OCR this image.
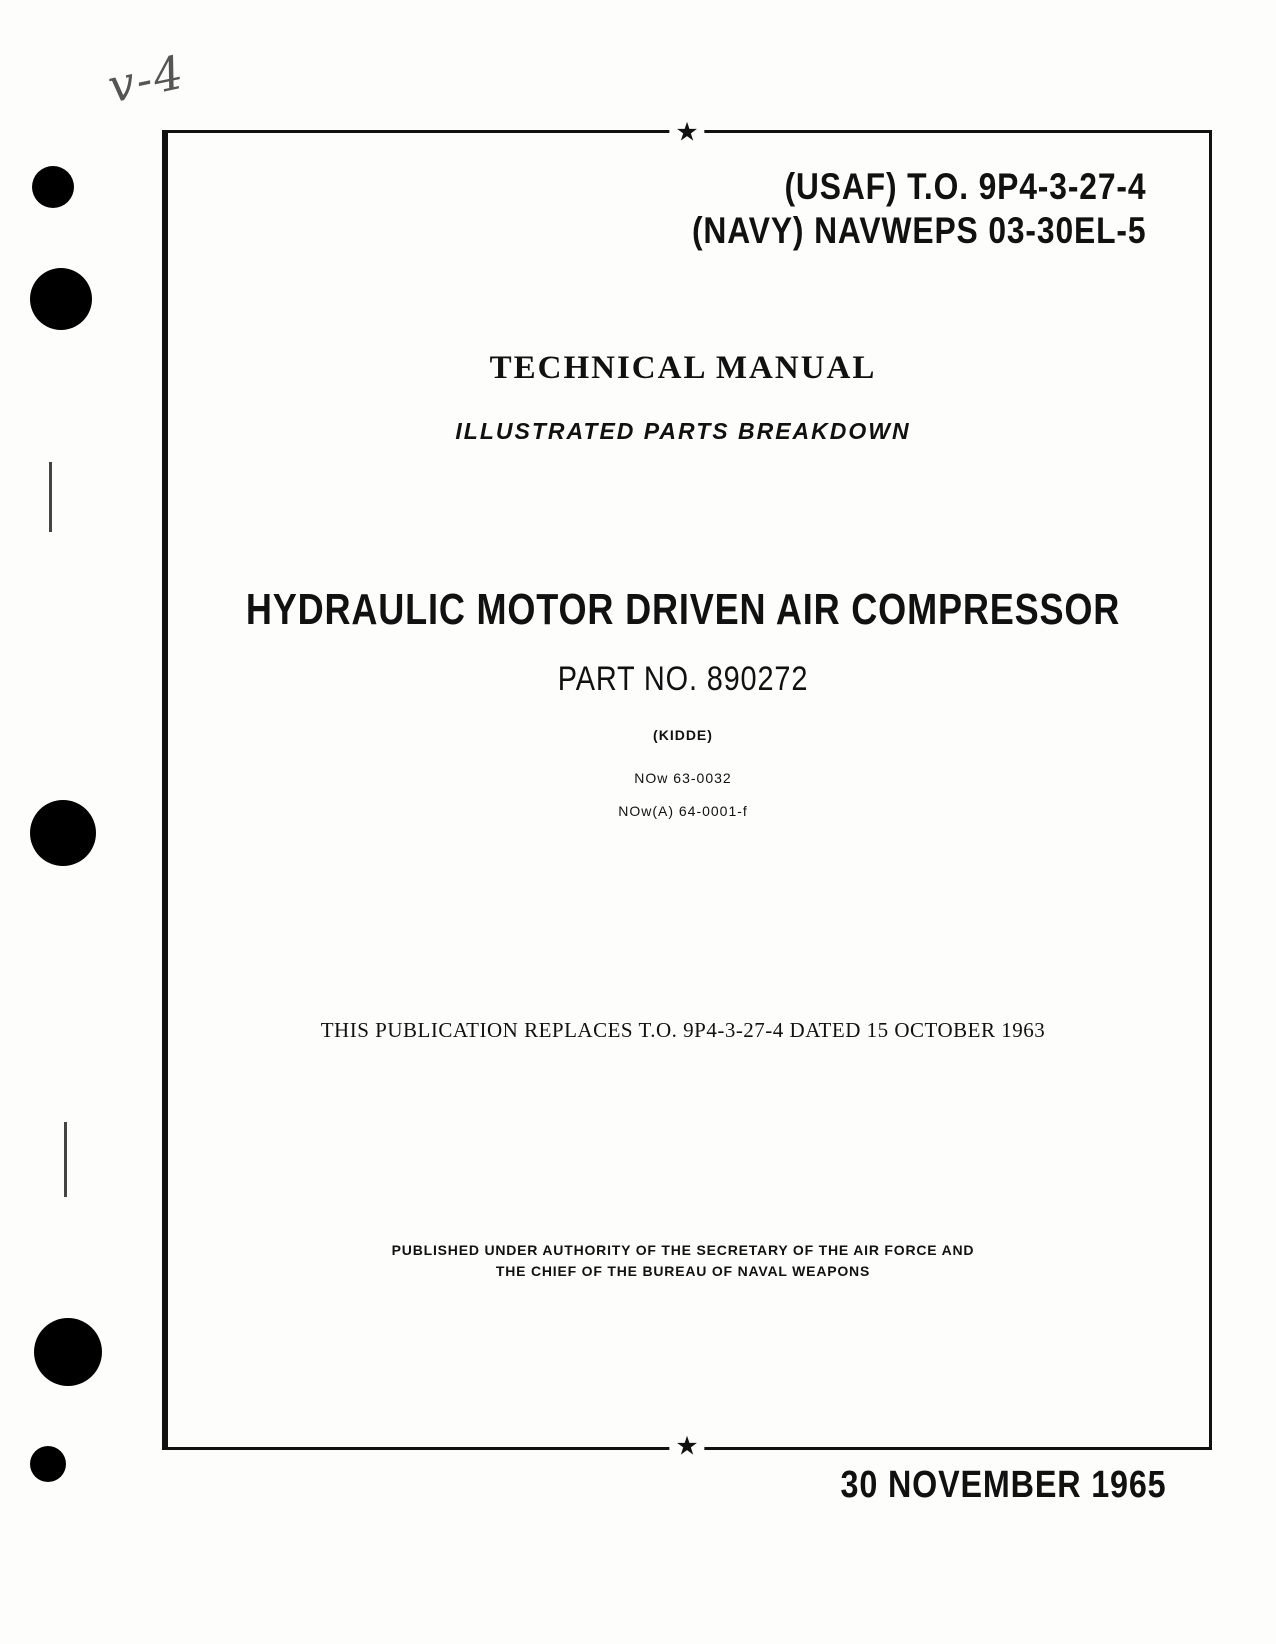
v-4
★
★
(USAF) T.O. 9P4-3-27-4
(NAVY) NAVWEPS 03-30EL-5
TECHNICAL MANUAL
ILLUSTRATED PARTS BREAKDOWN
HYDRAULIC MOTOR DRIVEN AIR COMPRESSOR
PART NO. 890272
(KIDDE)
NOw 63-0032
NOw(A) 64-0001-f
THIS PUBLICATION REPLACES T.O. 9P4-3-27-4 DATED 15 OCTOBER 1963
PUBLISHED UNDER AUTHORITY OF THE SECRETARY OF THE AIR FORCE AND
THE CHIEF OF THE BUREAU OF NAVAL WEAPONS
30 NOVEMBER 1965
